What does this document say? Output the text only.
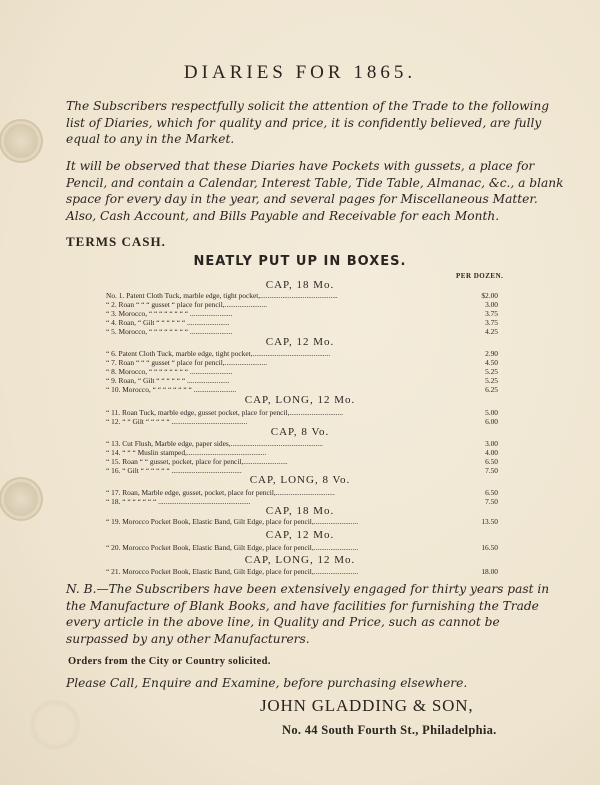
DIARIES FOR 1865.
The Subscribers respectfully solicit the attention of the Trade to the following list of Diaries, which for quality and price, it is confidently believed, are fully equal to any in the Market.
It will be observed that these Diaries have Pockets with gussets, a place for Pencil, and contain a Calendar, Interest Table, Tide Table, Almanac, &c., a blank space for every day in the year, and several pages for Miscellaneous Matter. Also, Cash Account, and Bills Payable and Receivable for each Month.
TERMS CASH.
NEATLY PUT UP IN BOXES.
PER DOZEN.
CAP, 18 Mo.
No. 1. Patent Cloth Tuck, marble edge, tight pocket,..........................................	$2.00
“ 2. Roan “ “ “ gusset “ place for pencil,.......................	3.00
“ 3. Morocco, “ “ “ “ “ “ “ “ .......................	3.75
“ 4. Roan, “ Gilt “ “ “ “ “ “ .......................	3.75
“ 5. Morocco, “ “ “ “ “ “ “ “ .......................	4.25
CAP, 12 Mo.
“ 6. Patent Cloth Tuck, marble edge, tight pocket,..........................................	2.90
“ 7. Roan “ “ “ gusset “ place for pencil,.......................	4.50
“ 8. Morocco, “ “ “ “ “ “ “ “ .......................	5.25
“ 9. Roan, “ Gilt “ “ “ “ “ “ .......................	5.25
“ 10. Morocco, “ “ “ “ “ “ “ “ .......................	6.25
CAP, LONG, 12 Mo.
“ 11. Roan Tuck, marble edge, gusset pocket, place for pencil,.............................	5.00
“ 12. “ “ Gilt “ “ “ “ “ .........................................	6.00
CAP, 8 Vo.
“ 13. Cut Flush, Marble edge, paper sides,..................................................	3.00
“ 14. “ “ “ Muslin stamped,...........................................	4.00
“ 15. Roan “ “ gusset, pocket, place for pencil,........................	6.50
“ 16. “ Gilt “ “ “ “ “ “ ......................................	7.50
CAP, LONG, 8 Vo.
“ 17. Roan, Marble edge, gusset, pocket, place for pencil,................................	6.50
“ 18. “ “ “ “ “ “ “ ..................................................	7.50
CAP, 18 Mo.
“ 19. Morocco Pocket Book, Elastic Band, Gilt Edge, place for pencil,........................	13.50
CAP, 12 Mo.
“ 20. Morocco Pocket Book, Elastic Band, Gilt Edge, place for pencil,........................	16.50
CAP, LONG, 12 Mo.
“ 21. Morocco Pocket Book, Elastic Band, Gilt Edge, place for pencil,........................	18.00
N. B.—The Subscribers have been extensively engaged for thirty years past in the Manufacture of Blank Books, and have facilities for furnishing the Trade every article in the above line, in Quality and Price, such as cannot be surpassed by any other Manufacturers.
Orders from the City or Country solicited.
Please Call, Enquire and Examine, before purchasing elsewhere.
JOHN GLADDING & SON,
No. 44 South Fourth St., Philadelphia.
